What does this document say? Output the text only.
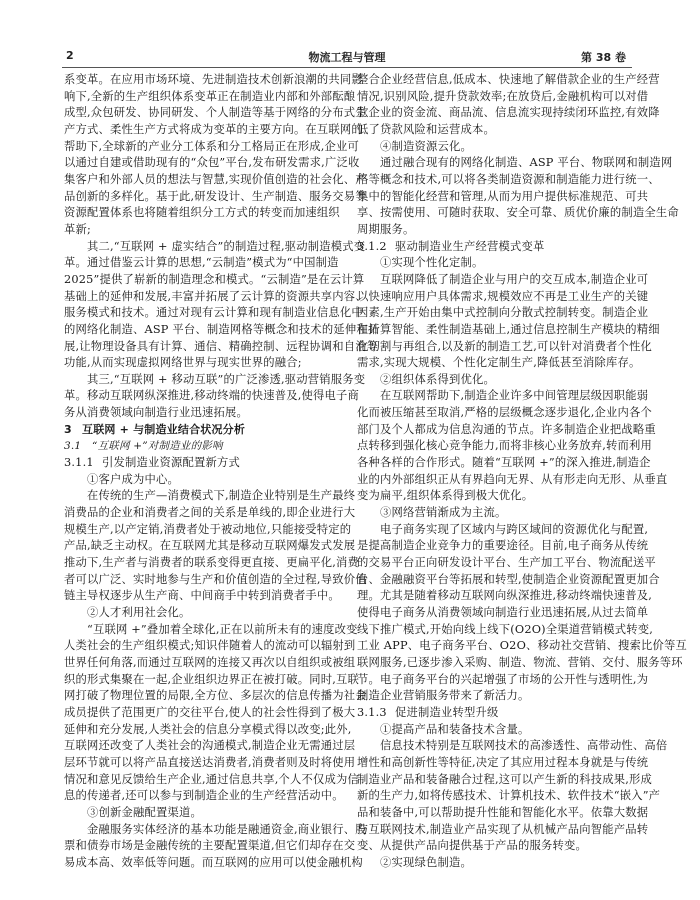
2	物流工程与管理	第 38 卷
系变革。在应用市场环境、先进制造技术创新浪潮的共同影
响下,全新的生产组织体系变革正在制造业内部和外部酝酿
成型,众包研发、协同研发、个人制造等基于网络的分布式生
产方式、柔性生产方式将成为变革的主要方向。在互联网的
帮助下,全球新的产业分工体系和分工格局正在形成,企业可
以通过自建或借助现有的“众包”平台,发布研发需求,广泛收
集客户和外部人员的想法与智慧,实现价值创造的社会化、产
品创新的多样化。基于此,研发设计、生产制造、服务交易等
资源配置体系也将随着组织分工方式的转变而加速组织
革新;
其二,“互联网 + 虚实结合”的制造过程,驱动制造模式变
革。通过借鉴云计算的思想,“云制造”模式为“中国制造
2025”提供了崭新的制造理念和模式。“云制造”是在云计算
基础上的延伸和发展,丰富并拓展了云计算的资源共享内容、
服务模式和技术。通过对现有云计算和现有制造业信息化中
的网络化制造、ASP 平台、制造网格等概念和技术的延伸和拓
展,让物理设备具有计算、通信、精确控制、远程协调和自治等
功能,从而实现虚拟网络世界与现实世界的融合;
其三,“互联网 + 移动互联”的广泛渗透,驱动营销服务变
革。移动互联网纵深推进,移动终端的快速普及,使得电子商
务从消费领域向制造行业迅速拓展。
3 互联网 + 与制造业结合状况分析
3.1 “互联网 +”对制造业的影响
3.1.1 引发制造业资源配置新方式
①客户成为中心。
在传统的生产—消费模式下,制造企业特别是生产最终
消费品的企业和消费者之间的关系是单线的,即企业进行大
规模生产,以产定销,消费者处于被动地位,只能接受特定的
产品,缺乏主动权。在互联网尤其是移动互联网爆发式发展
推动下,生产者与消费者的联系变得更直接、更扁平化,消费
者可以广泛、实时地参与生产和价值创造的全过程,导致价值
链主导权逐步从生产商、中间商手中转到消费者手中。
②人才利用社会化。
“互联网 +”叠加着全球化,正在以前所未有的速度改变
人类社会的生产组织模式;知识伴随着人的流动可以辐射到
世界任何角落,而通过互联网的连接又再次以自组织或被组
织的形式集聚在一起,企业组织边界正在被打破。同时,互联
网打破了物理位置的局限,全方位、多层次的信息传播为社会
成员提供了范围更广的交往平台,使人的社会性得到了极大
延伸和充分发展,人类社会的信息分享模式得以改变;此外,
互联网还改变了人类社会的沟通模式,制造企业无需通过层
层环节就可以将产品直接送达消费者,消费者则及时将使用
情况和意见反馈给生产企业,通过信息共享,个人不仅成为信
息的传递者,还可以参与到制造企业的生产经营活动中。
③创新金融配置渠道。
金融服务实体经济的基本功能是融通资金,商业银行、股
票和债券市场是金融传统的主要配置渠道,但它们却存在交
易成本高、效率低等问题。而互联网的应用可以使金融机构
整合企业经营信息,低成本、快速地了解借款企业的生产经营
情况,识别风险,提升贷款效率;在放贷后,金融机构可以对借
款企业的资金流、商品流、信息流实现持续闭环监控,有效降
低了贷款风险和运营成本。
④制造资源云化。
通过融合现有的网络化制造、ASP 平台、物联网和制造网
格等概念和技术,可以将各类制造资源和制造能力进行统一、
集中的智能化经营和管理,从而为用户提供标准规范、可共
享、按需使用、可随时获取、安全可靠、质优价廉的制造全生命
周期服务。
3.1.2 驱动制造业生产经营模式变革
①实现个性化定制。
互联网降低了制造企业与用户的交互成本,制造企业可
以快速响应用户具体需求,规模效应不再是工业生产的关键
因素,生产开始由集中式控制向分散式控制转变。制造企业
在计算智能、柔性制造基础上,通过信息控制生产模块的精细
化切割与再组合,以及新的制造工艺,可以针对消费者个性化
需求,实现大规模、个性化定制生产,降低甚至消除库存。
②组织体系得到优化。
在互联网帮助下,制造企业许多中间管理层级因职能弱
化而被压缩甚至取消,严格的层级概念逐步退化,企业内各个
部门及个人都成为信息沟通的节点。许多制造企业把战略重
点转移到强化核心竞争能力,而将非核心业务放弃,转而利用
各种各样的合作形式。随着“互联网 +”的深入推进,制造企
业的内外部组织正从有界趋向无界、从有形走向无形、从垂直
变为扁平,组织体系得到极大优化。
③网络营销渐成为主流。
电子商务实现了区域内与跨区域间的资源优化与配置,
是提高制造企业竞争力的重要途径。目前,电子商务从传统
的交易平台正向研发设计平台、生产加工平台、物流配送平
台、金融融资平台等拓展和转型,使制造企业资源配置更加合
理。尤其是随着移动互联网向纵深推进,移动终端快速普及,
使得电子商务从消费领域向制造行业迅速拓展,从过去简单
线下推广模式,开始向线上线下(O2O)全渠道营销模式转变,
工业 APP、电子商务平台、O2O、移动社交营销、搜索比价等互
联网服务,已逐步渗入采购、制造、物流、营销、交付、服务等环
节。电子商务平台的兴起增强了市场的公开性与透明性,为
制造企业营销服务带来了新活力。
3.1.3 促进制造业转型升级
①提高产品和装备技术含量。
信息技术特别是互联网技术的高渗透性、高带动性、高倍
增性和高创新性等特征,决定了其应用过程本身就是与传统
制造业产品和装备融合过程,这可以产生新的科技成果,形成
新的生产力,如将传感技术、计算机技术、软件技术“嵌入”产
品和装备中,可以帮助提升性能和智能化水平。依靠大数据
与互联网技术,制造业产品实现了从机械产品向智能产品转
变、从提供产品向提供基于产品的服务转变。
②实现绿色制造。
